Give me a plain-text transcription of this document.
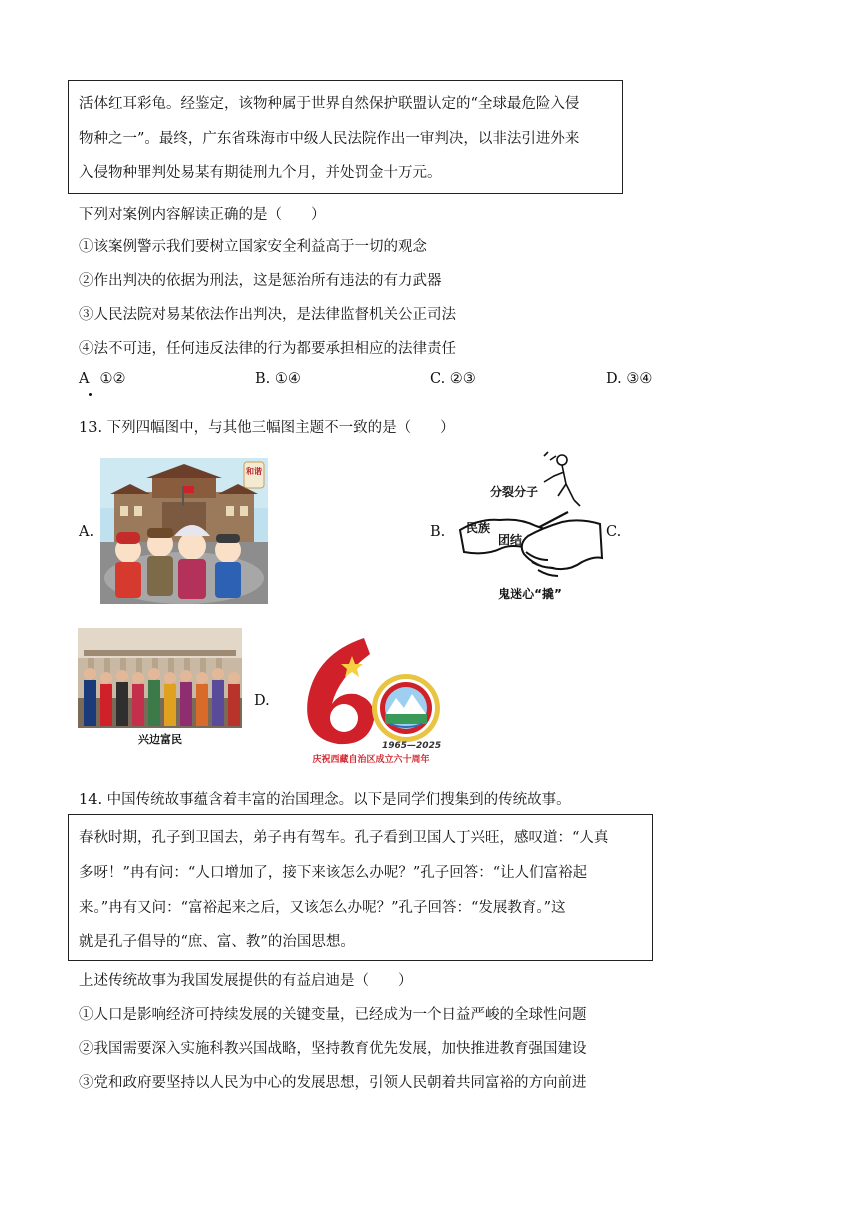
活体红耳彩龟。经鉴定，该物种属于世界自然保护联盟认定的“全球最危险入侵
物种之一”。最终，广东省珠海市中级人民法院作出一审判决，以非法引进外来
入侵物种罪判处易某有期徒刑九个月，并处罚金十万元。
下列对案例内容解读正确的是（　　）
①该案例警示我们要树立国家安全利益高于一切的观念
②作出判决的依据为刑法，这是惩治所有违法的有力武器
③人民法院对易某依法作出判决，是法律监督机关公正司法
④法不可违，任何违反法律的行为都要承担相应的法律责任
A ①②	B. ①④	C. ②③	D. ③④
13. 下列四幅图中，与其他三幅图主题不一致的是（　　）
A.
和谐
B.
分裂分子
民族
团结
鬼迷心“撬”
C.
兴边富民
D.
1965—2025
庆祝西藏自治区成立六十周年
14. 中国传统故事蕴含着丰富的治国理念。以下是同学们搜集到的传统故事。
春秋时期，孔子到卫国去，弟子冉有驾车。孔子看到卫国人丁兴旺，感叹道：“人真
多呀！”冉有问：“人口增加了，接下来该怎么办呢？”孔子回答：“让人们富裕起
来。”冉有又问：“富裕起来之后，又该怎么办呢？”孔子回答：“发展教育。”这
就是孔子倡导的“庶、富、教”的治国思想。
上述传统故事为我国发展提供的有益启迪是（　　）
①人口是影响经济可持续发展的关键变量，已经成为一个日益严峻的全球性问题
②我国需要深入实施科教兴国战略，坚持教育优先发展，加快推进教育强国建设
③党和政府要坚持以人民为中心的发展思想，引领人民朝着共同富裕的方向前进
